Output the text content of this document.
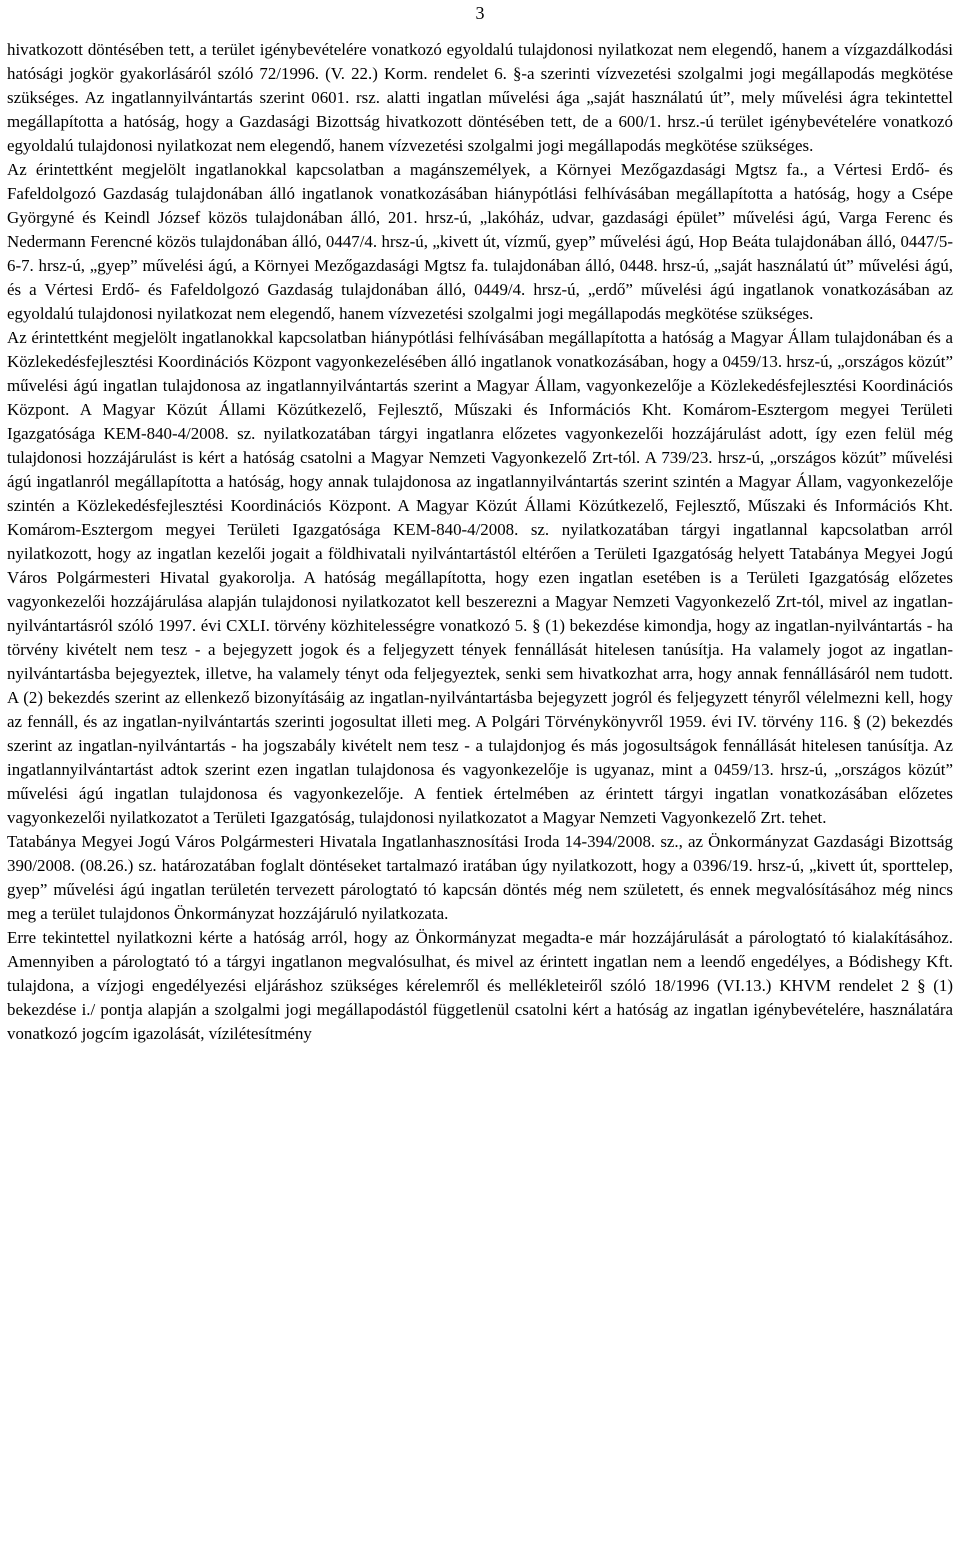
3

hivatkozott döntésében tett, a terület igénybevételére vonatkozó egyoldalú tulajdonosi nyilatkozat nem elegendő, hanem a vízgazdálkodási hatósági jogkör gyakorlásáról szóló 72/1996. (V. 22.) Korm. rendelet 6. §-a szerinti vízvezetési szolgalmi jogi megállapodás megkötése szükséges. Az ingatlannyilvántartás szerint 0601. rsz. alatti ingatlan művelési ága „saját használatú út”, mely művelési ágra tekintettel megállapította a hatóság, hogy a Gazdasági Bizottság hivatkozott döntésében tett, de a 600/1. hrsz.-ú terület igénybevételére vonatkozó egyoldalú tulajdonosi nyilatkozat nem elegendő, hanem vízvezetési szolgalmi jogi megállapodás megkötése szükséges.

Az érintettként megjelölt ingatlanokkal kapcsolatban a magánszemélyek, a Környei Mezőgazdasági Mgtsz fa., a Vértesi Erdő- és Fafeldolgozó Gazdaság tulajdonában álló ingatlanok vonatkozásában hiánypótlási felhívásában megállapította a hatóság, hogy a Csépe Györgyné és Keindl József közös tulajdonában álló, 201. hrsz-ú, „lakóház, udvar, gazdasági épület” művelési ágú, Varga Ferenc és Nedermann Ferencné közös tulajdonában álló, 0447/4. hrsz-ú, „kivett út, vízmű, gyep” művelési ágú, Hop Beáta tulajdonában álló, 0447/5-6-7. hrsz-ú, „gyep” művelési ágú, a Környei Mezőgazdasági Mgtsz fa. tulajdonában álló, 0448. hrsz-ú, „saját használatú út” művelési ágú, és a Vértesi Erdő- és Fafeldolgozó Gazdaság tulajdonában álló, 0449/4. hrsz-ú, „erdő” művelési ágú ingatlanok vonatkozásában az egyoldalú tulajdonosi nyilatkozat nem elegendő, hanem vízvezetési szolgalmi jogi megállapodás megkötése szükséges.

Az érintettként megjelölt ingatlanokkal kapcsolatban hiánypótlási felhívásában megállapította a hatóság a Magyar Állam tulajdonában és a Közlekedésfejlesztési Koordinációs Központ vagyonkezelésében álló ingatlanok vonatkozásában, hogy a 0459/13. hrsz-ú, „országos közút” művelési ágú ingatlan tulajdonosa az ingatlannyilvántartás szerint a Magyar Állam, vagyonkezelője a Közlekedésfejlesztési Koordinációs Központ. A Magyar Közút Állami Közútkezelő, Fejlesztő, Műszaki és Információs Kht. Komárom-Esztergom megyei Területi Igazgatósága KEM-840-4/2008. sz. nyilatkozatában tárgyi ingatlanra előzetes vagyonkezelői hozzájárulást adott, így ezen felül még tulajdonosi hozzájárulást is kért a hatóság csatolni a Magyar Nemzeti Vagyonkezelő Zrt-tól. A 739/23. hrsz-ú, „országos közút” művelési ágú ingatlanról megállapította a hatóság, hogy annak tulajdonosa az ingatlannyilvántartás szerint szintén a Magyar Állam, vagyonkezelője szintén a Közlekedésfejlesztési Koordinációs Központ. A Magyar Közút Állami Közútkezelő, Fejlesztő, Műszaki és Információs Kht. Komárom-Esztergom megyei Területi Igazgatósága KEM-840-4/2008. sz. nyilatkozatában tárgyi ingatlannal kapcsolatban arról nyilatkozott, hogy az ingatlan kezelői jogait a földhivatali nyilvántartástól eltérően a Területi Igazgatóság helyett Tatabánya Megyei Jogú Város Polgármesteri Hivatal gyakorolja. A hatóság megállapította, hogy ezen ingatlan esetében is a Területi Igazgatóság előzetes vagyonkezelői hozzájárulása alapján tulajdonosi nyilatkozatot kell beszerezni a Magyar Nemzeti Vagyonkezelő Zrt-tól, mivel az ingatlan-nyilvántartásról szóló 1997. évi CXLI. törvény közhitelességre vonatkozó 5. § (1) bekezdése kimondja, hogy az ingatlan-nyilvántartás - ha törvény kivételt nem tesz - a bejegyzett jogok és a feljegyzett tények fennállását hitelesen tanúsítja. Ha valamely jogot az ingatlan-nyilvántartásba bejegyeztek, illetve, ha valamely tényt oda feljegyeztek, senki sem hivatkozhat arra, hogy annak fennállásáról nem tudott. A (2) bekezdés szerint az ellenkező bizonyításáig az ingatlan-nyilvántartásba bejegyzett jogról és feljegyzett tényről vélelmezni kell, hogy az fennáll, és az ingatlan-nyilvántartás szerinti jogosultat illeti meg. A Polgári Törvénykönyvről 1959. évi IV. törvény 116. § (2) bekezdés szerint az ingatlan-nyilvántartás - ha jogszabály kivételt nem tesz - a tulajdonjog és más jogosultságok fennállását hitelesen tanúsítja. Az ingatlannyilvántartást adtok szerint ezen ingatlan tulajdonosa és vagyonkezelője is ugyanaz, mint a 0459/13. hrsz-ú, „országos közút” művelési ágú ingatlan tulajdonosa és vagyonkezelője. A fentiek értelmében az érintett tárgyi ingatlan vonatkozásában előzetes vagyonkezelői nyilatkozatot a Területi Igazgatóság, tulajdonosi nyilatkozatot a Magyar Nemzeti Vagyonkezelő Zrt. tehet.

Tatabánya Megyei Jogú Város Polgármesteri Hivatala Ingatlanhasznosítási Iroda 14-394/2008. sz., az Önkormányzat Gazdasági Bizottság 390/2008. (08.26.) sz. határozatában foglalt döntéseket tartalmazó iratában úgy nyilatkozott, hogy a 0396/19. hrsz-ú, „kivett út, sporttelep, gyep” művelési ágú ingatlan területén tervezett párologtató tó kapcsán döntés még nem született, és ennek megvalósításához még nincs meg a terület tulajdonos Önkormányzat hozzájáruló nyilatkozata.

Erre tekintettel nyilatkozni kérte a hatóság arról, hogy az Önkormányzat megadta-e már hozzájárulását a párologtató tó kialakításához. Amennyiben a párologtató tó a tárgyi ingatlanon megvalósulhat, és mivel az érintett ingatlan nem a leendő engedélyes, a Bódishegy Kft. tulajdona, a vízjogi engedélyezési eljáráshoz szükséges kérelemről és mellékleteiről szóló 18/1996 (VI.13.) KHVM rendelet 2 § (1) bekezdése i./ pontja alapján a szolgalmi jogi megállapodástól függetlenül csatolni kért a hatóság az ingatlan igénybevételére, használatára vonatkozó jogcím igazolását, vízilétesítmény
